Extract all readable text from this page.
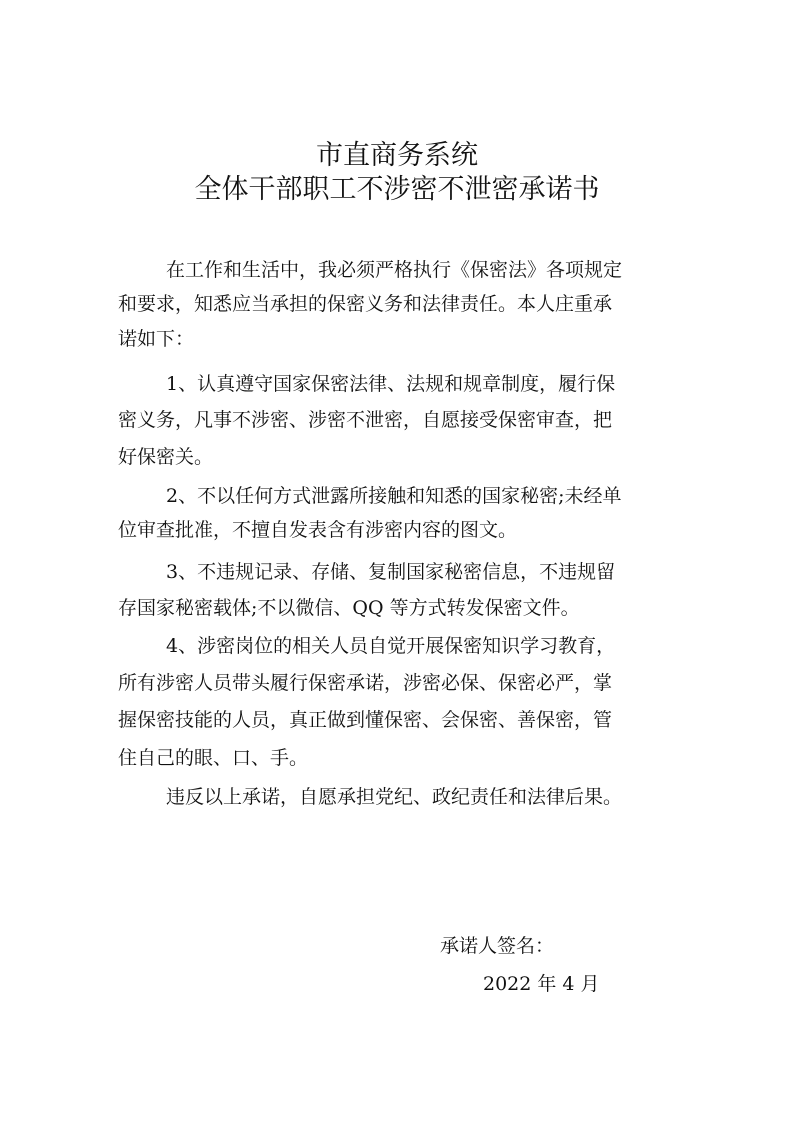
市直商务系统
全体干部职工不涉密不泄密承诺书
在工作和生活中，我必须严格执行《保密法》各项规定
和要求，知悉应当承担的保密义务和法律责任。本人庄重承
诺如下：
1、认真遵守国家保密法律、法规和规章制度，履行保
密义务，凡事不涉密、涉密不泄密，自愿接受保密审查，把
好保密关。
2、不以任何方式泄露所接触和知悉的国家秘密;未经单
位审查批准，不擅自发表含有涉密内容的图文。
3、不违规记录、存储、复制国家秘密信息，不违规留
存国家秘密载体;不以微信、QQ 等方式转发保密文件。
4、涉密岗位的相关人员自觉开展保密知识学习教育，
所有涉密人员带头履行保密承诺，涉密必保、保密必严，掌
握保密技能的人员，真正做到懂保密、会保密、善保密，管
住自己的眼、口、手。
违反以上承诺，自愿承担党纪、政纪责任和法律后果。
承诺人签名：
2022 年 4 月
